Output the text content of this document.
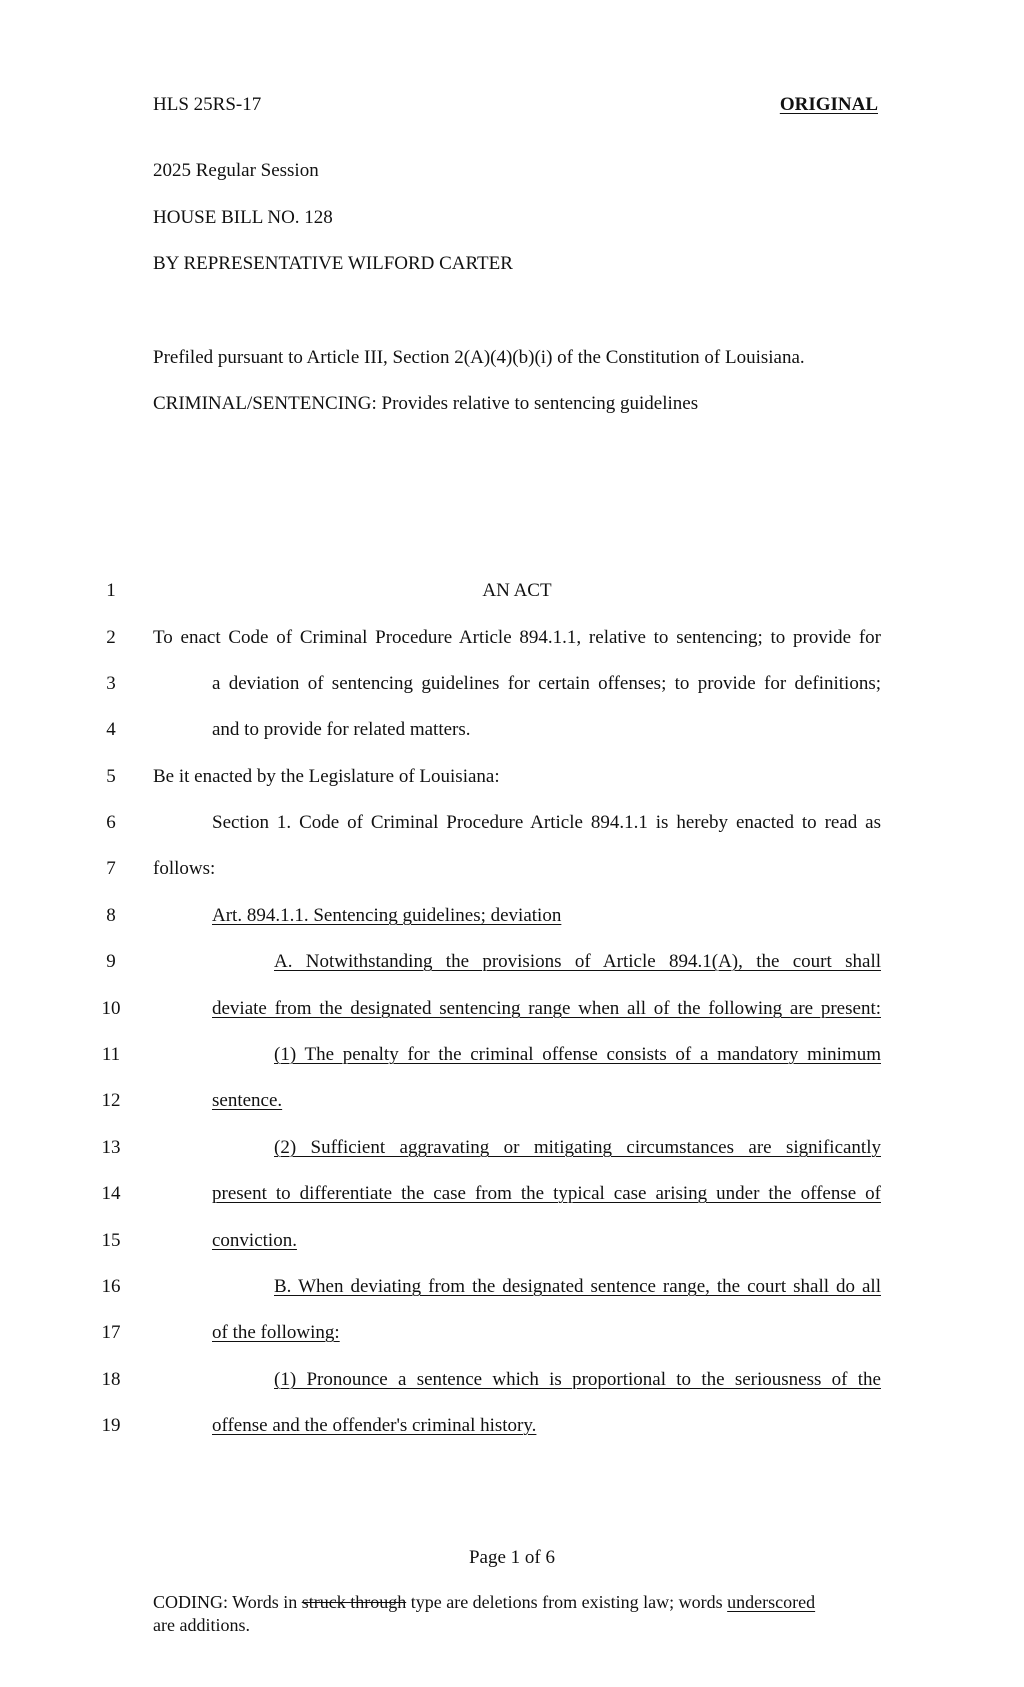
HLS 25RS-17	ORIGINAL
2025 Regular Session
HOUSE BILL NO. 128
BY REPRESENTATIVE WILFORD CARTER
Prefiled pursuant to Article III, Section 2(A)(4)(b)(i) of the Constitution of Louisiana.
CRIMINAL/SENTENCING: Provides relative to sentencing guidelines
1	AN ACT
2	To enact Code of Criminal Procedure Article 894.1.1, relative to sentencing; to provide for
3	a deviation of sentencing guidelines for certain offenses; to provide for definitions;
4	and to provide for related matters.
5	Be it enacted by the Legislature of Louisiana:
6	Section 1. Code of Criminal Procedure Article 894.1.1 is hereby enacted to read as
7	follows:
8	Art. 894.1.1. Sentencing guidelines; deviation
9	A. Notwithstanding the provisions of Article 894.1(A), the court shall
10	deviate from the designated sentencing range when all of the following are present:
11	(1) The penalty for the criminal offense consists of a mandatory minimum
12	sentence.
13	(2) Sufficient aggravating or mitigating circumstances are significantly
14	present to differentiate the case from the typical case arising under the offense of
15	conviction.
16	B. When deviating from the designated sentence range, the court shall do all
17	of the following:
18	(1) Pronounce a sentence which is proportional to the seriousness of the
19	offense and the offender's criminal history.
Page 1 of 6
CODING: Words in struck through type are deletions from existing law; words underscored
are additions.
